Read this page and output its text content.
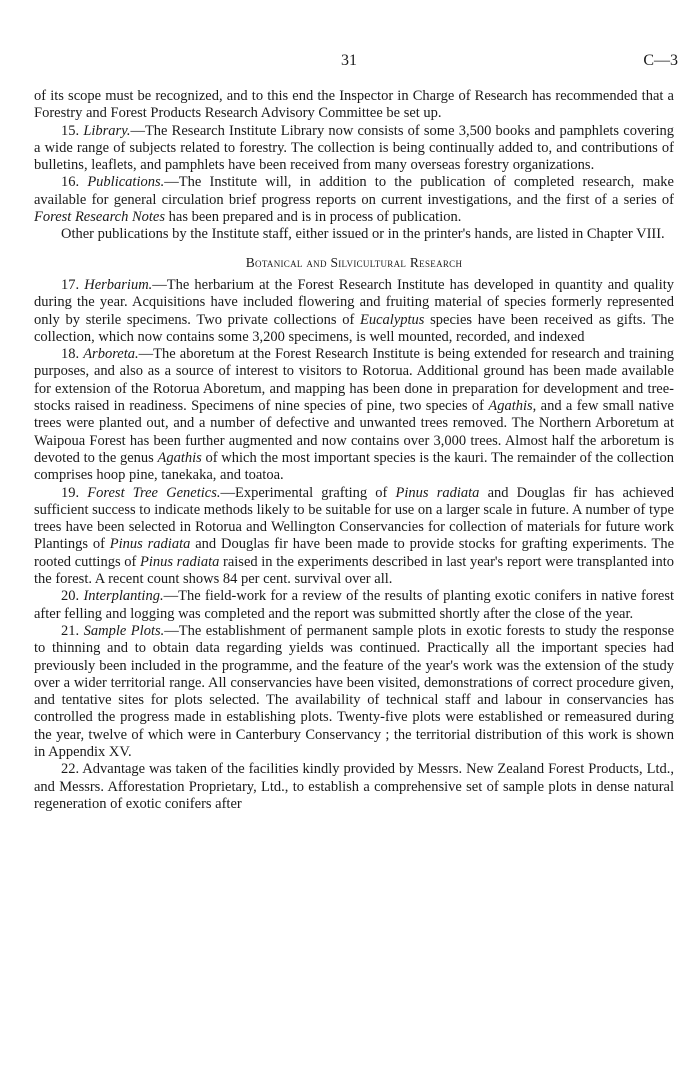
31	C—3

of its scope must be recognized, and to this end the Inspector in Charge of Research has recommended that a Forestry and Forest Products Research Advisory Committee be set up.

15. Library.—The Research Institute Library now consists of some 3,500 books and pamphlets covering a wide range of subjects related to forestry. The collection is being continually added to, and contributions of bulletins, leaflets, and pamphlets have been received from many overseas forestry organizations.

16. Publications.—The Institute will, in addition to the publication of completed research, make available for general circulation brief progress reports on current investigations, and the first of a series of Forest Research Notes has been prepared and is in process of publication.

Other publications by the Institute staff, either issued or in the printer's hands, are listed in Chapter VIII.

Botanical and Silvicultural Research

17. Herbarium.—The herbarium at the Forest Research Institute has developed in quantity and quality during the year. Acquisitions have included flowering and fruiting material of species formerly represented only by sterile specimens. Two private collections of Eucalyptus species have been received as gifts. The collection, which now contains some 3,200 specimens, is well mounted, recorded, and indexed

18. Arboreta.—The aboretum at the Forest Research Institute is being extended for research and training purposes, and also as a source of interest to visitors to Rotorua. Additional ground has been made available for extension of the Rotorua Aboretum, and mapping has been done in preparation for development and tree-stocks raised in readiness. Specimens of nine species of pine, two species of Agathis, and a few small native trees were planted out, and a number of defective and unwanted trees removed. The Northern Arboretum at Waipoua Forest has been further augmented and now contains over 3,000 trees. Almost half the arboretum is devoted to the genus Agathis of which the most important species is the kauri. The remainder of the collection comprises hoop pine, tanekaka, and toatoa.

19. Forest Tree Genetics.—Experimental grafting of Pinus radiata and Douglas fir has achieved sufficient success to indicate methods likely to be suitable for use on a larger scale in future. A number of type trees have been selected in Rotorua and Wellington Conservancies for collection of materials for future work Plantings of Pinus radiata and Douglas fir have been made to provide stocks for grafting experiments. The rooted cuttings of Pinus radiata raised in the experiments described in last year's report were transplanted into the forest. A recent count shows 84 per cent. survival over all.

20. Interplanting.—The field-work for a review of the results of planting exotic conifers in native forest after felling and logging was completed and the report was submitted shortly after the close of the year.

21. Sample Plots.—The establishment of permanent sample plots in exotic forests to study the response to thinning and to obtain data regarding yields was continued. Practically all the important species had previously been included in the programme, and the feature of the year's work was the extension of the study over a wider territorial range. All conservancies have been visited, demonstrations of correct procedure given, and tentative sites for plots selected. The availability of technical staff and labour in conservancies has controlled the progress made in establishing plots. Twenty-five plots were established or remeasured during the year, twelve of which were in Canterbury Conservancy ; the territorial distribution of this work is shown in Appendix XV.

22. Advantage was taken of the facilities kindly provided by Messrs. New Zealand Forest Products, Ltd., and Messrs. Afforestation Proprietary, Ltd., to establish a comprehensive set of sample plots in dense natural regeneration of exotic conifers after
